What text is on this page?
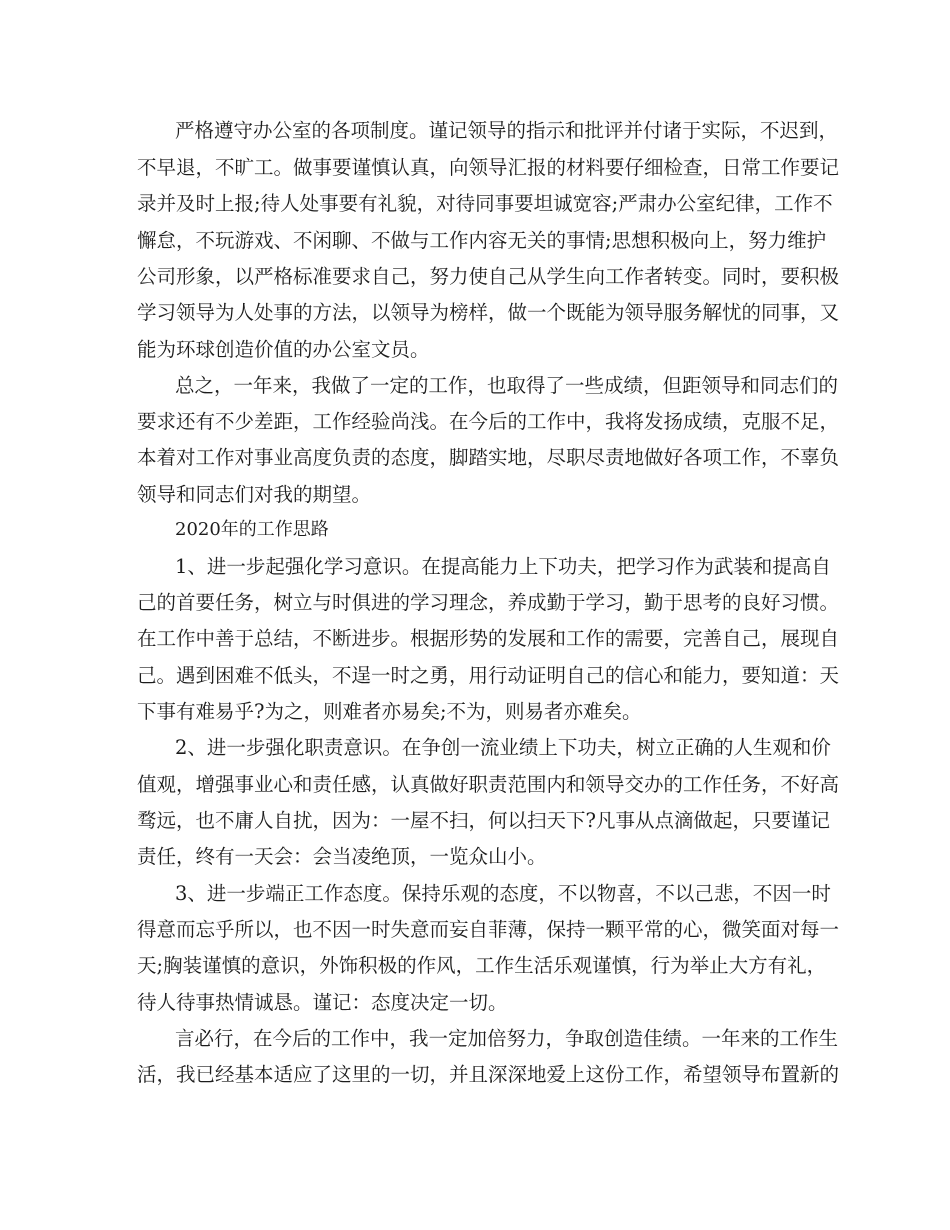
严格遵守办公室的各项制度。谨记领导的指示和批评并付诸于实际，不迟到，
不早退，不旷工。做事要谨慎认真，向领导汇报的材料要仔细检查，日常工作要记
录并及时上报;待人处事要有礼貌，对待同事要坦诚宽容;严肃办公室纪律，工作不
懈怠，不玩游戏、不闲聊、不做与工作内容无关的事情;思想积极向上，努力维护
公司形象，以严格标准要求自己，努力使自己从学生向工作者转变。同时，要积极
学习领导为人处事的方法，以领导为榜样，做一个既能为领导服务解忧的同事，又
能为环球创造价值的办公室文员。
总之，一年来，我做了一定的工作，也取得了一些成绩，但距领导和同志们的
要求还有不少差距，工作经验尚浅。在今后的工作中，我将发扬成绩，克服不足，
本着对工作对事业高度负责的态度，脚踏实地，尽职尽责地做好各项工作，不辜负
领导和同志们对我的期望。
2020年的工作思路
1、进一步起强化学习意识。在提高能力上下功夫，把学习作为武装和提高自
己的首要任务，树立与时俱进的学习理念，养成勤于学习，勤于思考的良好习惯。
在工作中善于总结，不断进步。根据形势的发展和工作的需要，完善自己，展现自
己。遇到困难不低头，不逞一时之勇，用行动证明自己的信心和能力，要知道：天
下事有难易乎?为之，则难者亦易矣;不为，则易者亦难矣。
2、进一步强化职责意识。在争创一流业绩上下功夫，树立正确的人生观和价
值观，增强事业心和责任感，认真做好职责范围内和领导交办的工作任务，不好高
骛远，也不庸人自扰，因为：一屋不扫，何以扫天下?凡事从点滴做起，只要谨记
责任，终有一天会：会当凌绝顶，一览众山小。
3、进一步端正工作态度。保持乐观的态度，不以物喜，不以己悲，不因一时
得意而忘乎所以，也不因一时失意而妄自菲薄，保持一颗平常的心，微笑面对每一
天;胸装谨慎的意识，外饰积极的作风，工作生活乐观谨慎，行为举止大方有礼，
待人待事热情诚恳。谨记：态度决定一切。
言必行，在今后的工作中，我一定加倍努力，争取创造佳绩。一年来的工作生
活，我已经基本适应了这里的一切，并且深深地爱上这份工作，希望领导布置新的
